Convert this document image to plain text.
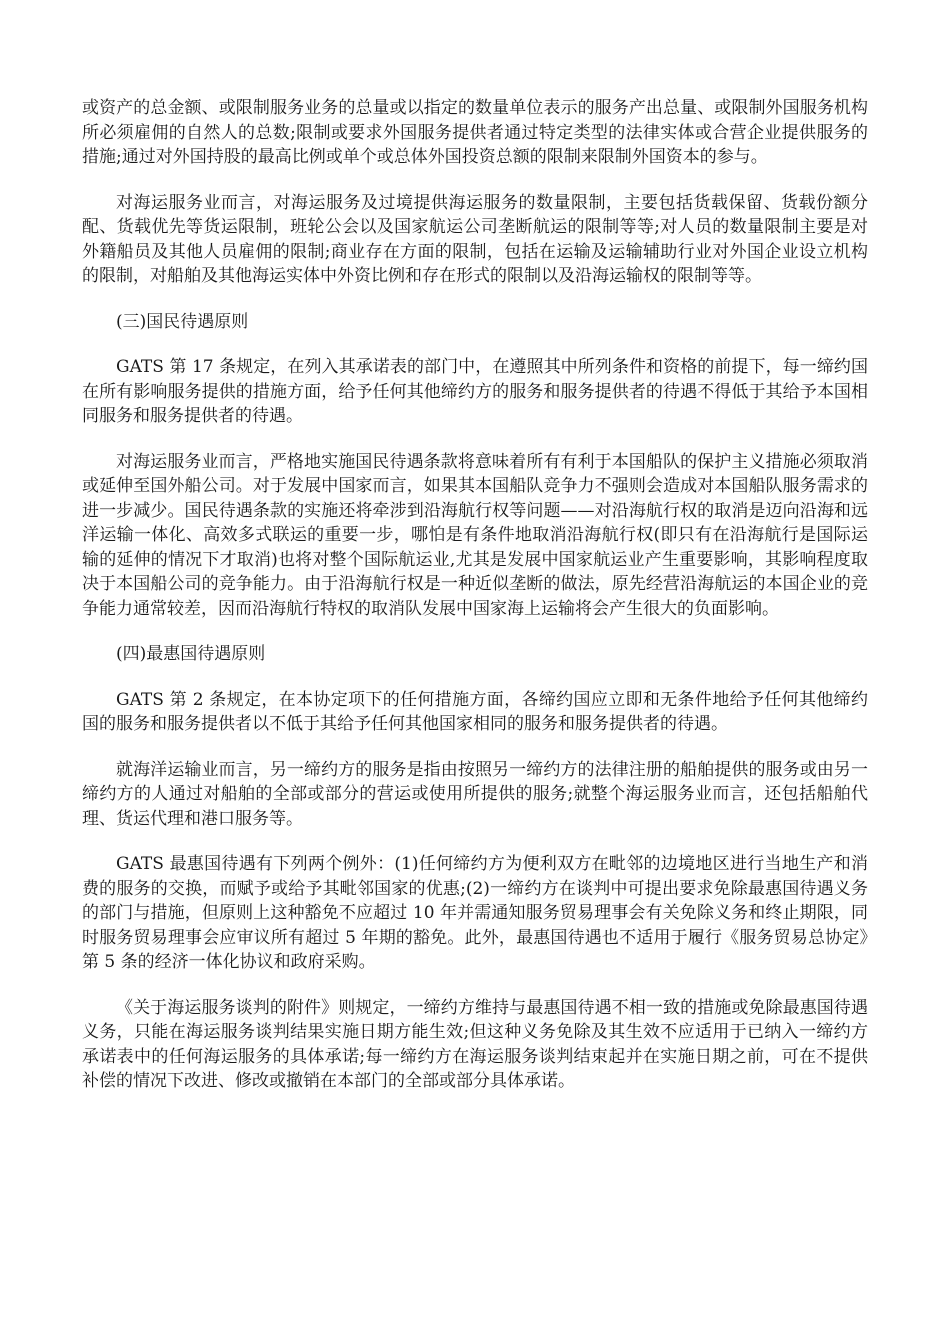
或资产的总金额、或限制服务业务的总量或以指定的数量单位表示的服务产出总量、或限制外国服务机构所必须雇佣的自然人的总数;限制或要求外国服务提供者通过特定类型的法律实体或合营企业提供服务的措施;通过对外国持股的最高比例或单个或总体外国投资总额的限制来限制外国资本的参与。

对海运服务业而言，对海运服务及过境提供海运服务的数量限制，主要包括货载保留、货载份额分配、货载优先等货运限制，班轮公会以及国家航运公司垄断航运的限制等等;对人员的数量限制主要是对外籍船员及其他人员雇佣的限制;商业存在方面的限制，包括在运输及运输辅助行业对外国企业设立机构的限制，对船舶及其他海运实体中外资比例和存在形式的限制以及沿海运输权的限制等等。

(三)国民待遇原则

GATS 第 17 条规定，在列入其承诺表的部门中，在遵照其中所列条件和资格的前提下，每一缔约国在所有影响服务提供的措施方面，给予任何其他缔约方的服务和服务提供者的待遇不得低于其给予本国相同服务和服务提供者的待遇。

对海运服务业而言，严格地实施国民待遇条款将意味着所有有利于本国船队的保护主义措施必须取消或延伸至国外船公司。对于发展中国家而言，如果其本国船队竞争力不强则会造成对本国船队服务需求的进一步减少。国民待遇条款的实施还将牵涉到沿海航行权等问题——对沿海航行权的取消是迈向沿海和远洋运输一体化、高效多式联运的重要一步，哪怕是有条件地取消沿海航行权(即只有在沿海航行是国际运输的延伸的情况下才取消)也将对整个国际航运业,尤其是发展中国家航运业产生重要影响，其影响程度取决于本国船公司的竞争能力。由于沿海航行权是一种近似垄断的做法，原先经营沿海航运的本国企业的竞争能力通常较差，因而沿海航行特权的取消队发展中国家海上运输将会产生很大的负面影响。

(四)最惠国待遇原则

GATS 第 2 条规定，在本协定项下的任何措施方面，各缔约国应立即和无条件地给予任何其他缔约国的服务和服务提供者以不低于其给予任何其他国家相同的服务和服务提供者的待遇。

就海洋运输业而言，另一缔约方的服务是指由按照另一缔约方的法律注册的船舶提供的服务或由另一缔约方的人通过对船舶的全部或部分的营运或使用所提供的服务;就整个海运服务业而言，还包括船舶代理、货运代理和港口服务等。

GATS 最惠国待遇有下列两个例外：(1)任何缔约方为便利双方在毗邻的边境地区进行当地生产和消费的服务的交换，而赋予或给予其毗邻国家的优惠;(2)一缔约方在谈判中可提出要求免除最惠国待遇义务的部门与措施，但原则上这种豁免不应超过 10 年并需通知服务贸易理事会有关免除义务和终止期限，同时服务贸易理事会应审议所有超过 5 年期的豁免。此外，最惠国待遇也不适用于履行《服务贸易总协定》第 5 条的经济一体化协议和政府采购。

《关于海运服务谈判的附件》则规定，一缔约方维持与最惠国待遇不相一致的措施或免除最惠国待遇义务，只能在海运服务谈判结果实施日期方能生效;但这种义务免除及其生效不应适用于已纳入一缔约方承诺表中的任何海运服务的具体承诺;每一缔约方在海运服务谈判结束起并在实施日期之前，可在不提供补偿的情况下改进、修改或撤销在本部门的全部或部分具体承诺。
